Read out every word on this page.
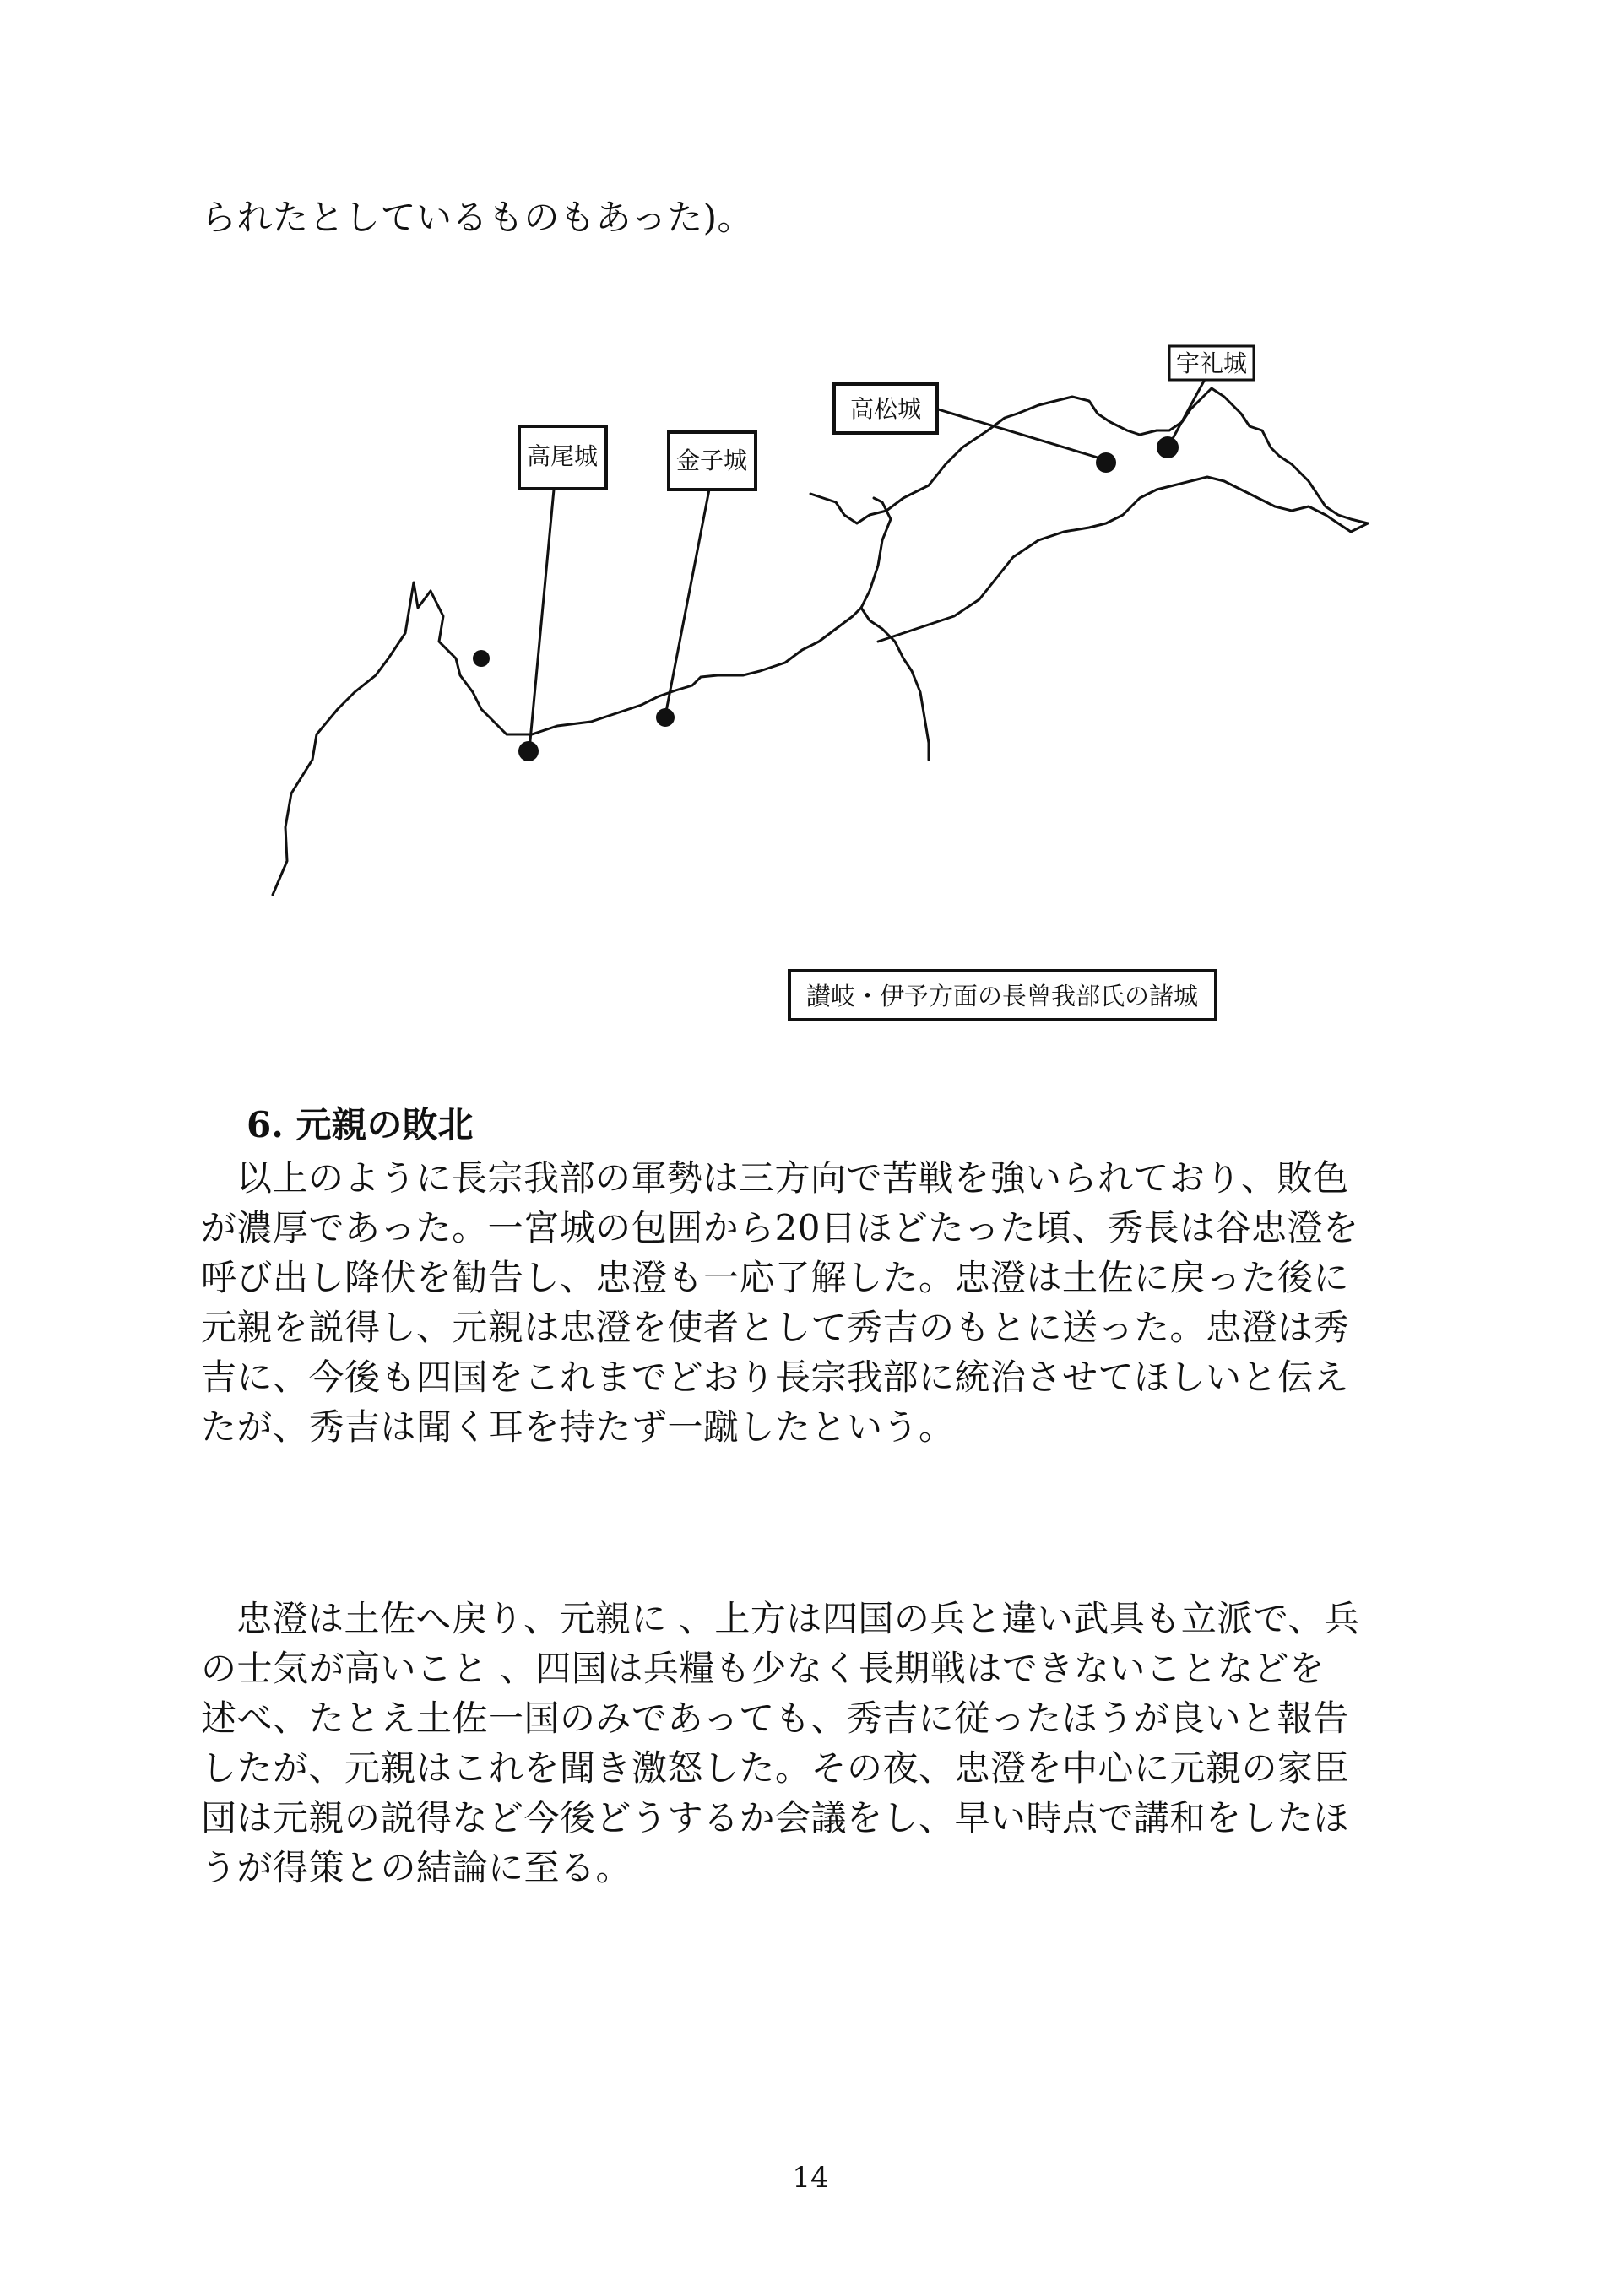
られたとしているものもあった)。

高尾城	金子城
高松城
宇礼城
讃岐・伊予方面の長曾我部氏の諸城
6. 元親の敗北

以上のように長宗我部の軍勢は三方向で苦戦を強いられており、敗色

が濃厚であった。一宮城の包囲から20日ほどたった頃、秀長は谷忠澄を

呼び出し降伏を勧告し、忠澄も一応了解した。忠澄は土佐に戻った後に

元親を説得し、元親は忠澄を使者として秀吉のもとに送った。忠澄は秀

吉に、今後も四国をこれまでどおり長宗我部に統治させてほしいと伝え

たが、秀吉は聞く耳を持たず一蹴したという。

忠澄は土佐へ戻り、元親に 、上方は四国の兵と違い武具も立派で、兵

の士気が高いこと 、四国は兵糧も少なく長期戦はできないことなどを

述べ、たとえ土佐一国のみであっても、秀吉に従ったほうが良いと報告

したが、元親はこれを聞き激怒した。その夜、忠澄を中心に元親の家臣

団は元親の説得など今後どうするか会議をし、早い時点で講和をしたほ

うが得策との結論に至る。

14
